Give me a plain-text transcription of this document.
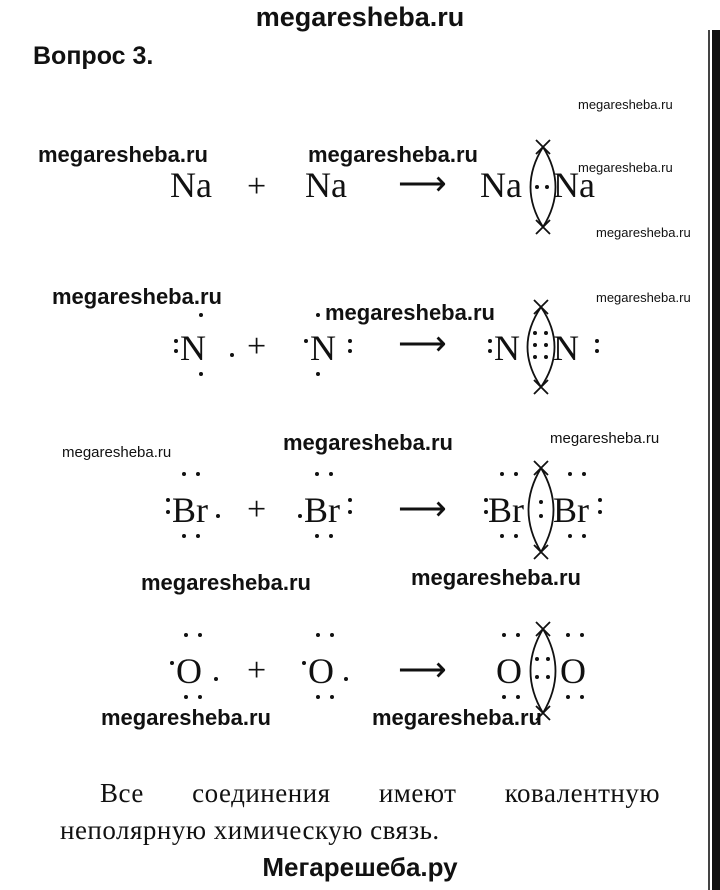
megaresheba.ru
Вопрос 3.
megaresheba.ru
megaresheba.ru	megaresheba.ru
megaresheba.ru
megaresheba.ru
megaresheba.ru	megaresheba.ru
megaresheba.ru
megaresheba.ru	megaresheba.ru
megaresheba.ru
megaresheba.ru
megaresheba.ru
megaresheba.ru	megaresheba.ru
Na + Na ⟶ Na Na
N + N ⟶ N N
Br + Br ⟶ Br Br
O + O ⟶ O O
Все соединения имеют ковалентную неполярную химическую связь.
Мегарешеба.ру
